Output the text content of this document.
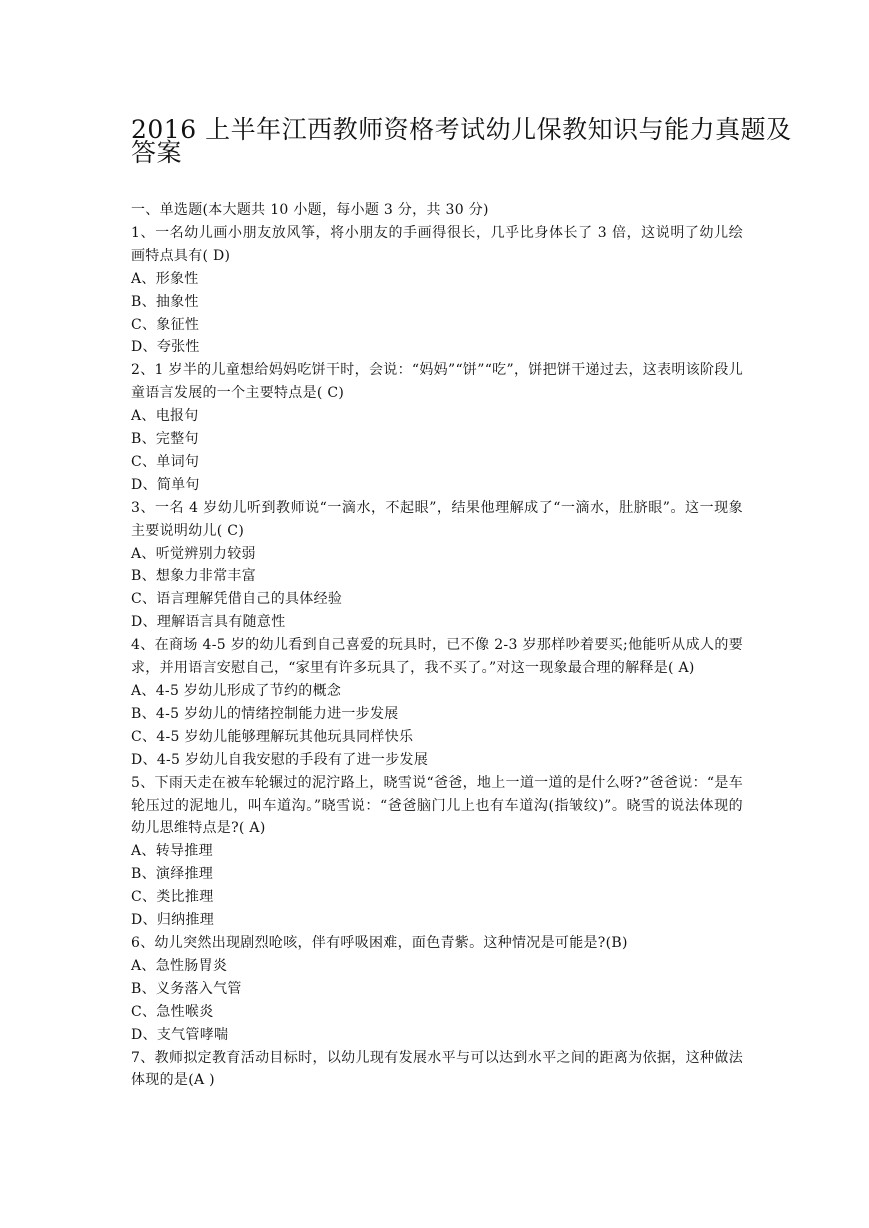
2016 上半年江西教师资格考试幼儿保教知识与能力真题及
答案
一、单选题(本大题共 10 小题，每小题 3 分，共 30 分)
1、一名幼儿画小朋友放风筝，将小朋友的手画得很长，几乎比身体长了 3 倍，这说明了幼儿绘画特点具有( D)
A、形象性
B、抽象性
C、象征性
D、夸张性
2、1 岁半的儿童想给妈妈吃饼干时，会说：“妈妈”“饼”“吃”，饼把饼干递过去，这表明该阶段儿童语言发展的一个主要特点是( C)
A、电报句
B、完整句
C、单词句
D、简单句
3、一名 4 岁幼儿听到教师说“一滴水，不起眼”，结果他理解成了“一滴水，肚脐眼”。这一现象主要说明幼儿( C)
A、听觉辨别力较弱
B、想象力非常丰富
C、语言理解凭借自己的具体经验
D、理解语言具有随意性
4、在商场 4-5 岁的幼儿看到自己喜爱的玩具时，已不像 2-3 岁那样吵着要买;他能听从成人的要求，并用语言安慰自己，“家里有许多玩具了，我不买了。”对这一现象最合理的解释是( A)
A、4-5 岁幼儿形成了节约的概念
B、4-5 岁幼儿的情绪控制能力进一步发展
C、4-5 岁幼儿能够理解玩其他玩具同样快乐
D、4-5 岁幼儿自我安慰的手段有了进一步发展
5、下雨天走在被车轮辗过的泥泞路上，晓雪说“爸爸，地上一道一道的是什么呀?”爸爸说：“是车轮压过的泥地儿，叫车道沟。”晓雪说：“爸爸脑门儿上也有车道沟(指皱纹)”。晓雪的说法体现的幼儿思维特点是?( A)
A、转导推理
B、演绎推理
C、类比推理
D、归纳推理
6、幼儿突然出现剧烈呛咳，伴有呼吸困难，面色青紫。这种情况是可能是?(B)
A、急性肠胃炎
B、义务落入气管
C、急性喉炎
D、支气管哮喘
7、教师拟定教育活动目标时，以幼儿现有发展水平与可以达到水平之间的距离为依据，这种做法体现的是(A )
